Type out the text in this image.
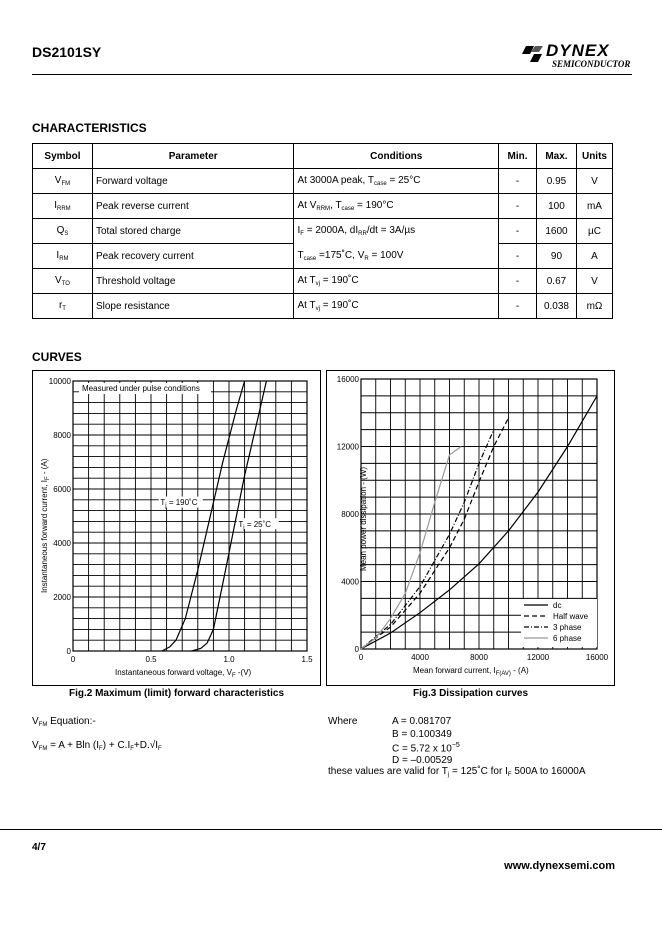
DS2101SY	DYNEX
SEMICONDUCTOR
CHARACTERISTICS
Symbol	Parameter	Conditions	Min.	Max.	Units
$V_{FM}$	Forward voltage	At 3000A peak, $T_{case} = 25^\circ C$	-	0.95	V
$I_{RRM}$	Peak reverse current	At $V_{RRM}$, $T_{case} = 190^\circ C$	-	100	mA
$Q_S$	Total stored charge	$I_F = 2000A$, $dI_{RR}/dt = 3A/\mu s$	-	1600	µC
$I_{RM}$	Peak recovery current	$T_{case}$ =175˚C, $V_R = 100V$	-	90	A
$V_{TO}$	Threshold voltage	At $T_{vj}$ = 190˚C	-	0.67	V
$r_T$	Slope resistance	At $T_{vj}$ = 190˚C	-	0.038	mΩ
CURVES
0	0.5	1.0	1.5
0
2000
4000
6000
8000
10000
Measured under pulse conditions
$T_j$ = 190˚C
$T_j$ = 25˚C
Instantaneous forward voltage, $V_F$ -(V)
Instantaneous forward current, $I_F - (A)$
Fig.2 Maximum (limit) forward characteristics
0	4000	8000	12000	16000
0
4000
8000
12000
16000
dc
Half wave
3 phase
6 phase
Mean forward current, $I_{F(AV)} - (A)$
Mean power dissipation - (W)
Fig.3 Dissipation curves
$V_{FM}$ Equation:-
$V_{FM} = A + Bln$ $(I_F) + C.I_F+D.√I_F$
Where	A = 0.081707
B = 0.100349
C = 5.72 x $10^{-5}$
D = –0.00529
these values are valid for $T_j$ = 125˚C for $I_F$ 500A to 16000A
4/7
www.dynexsemi.com
